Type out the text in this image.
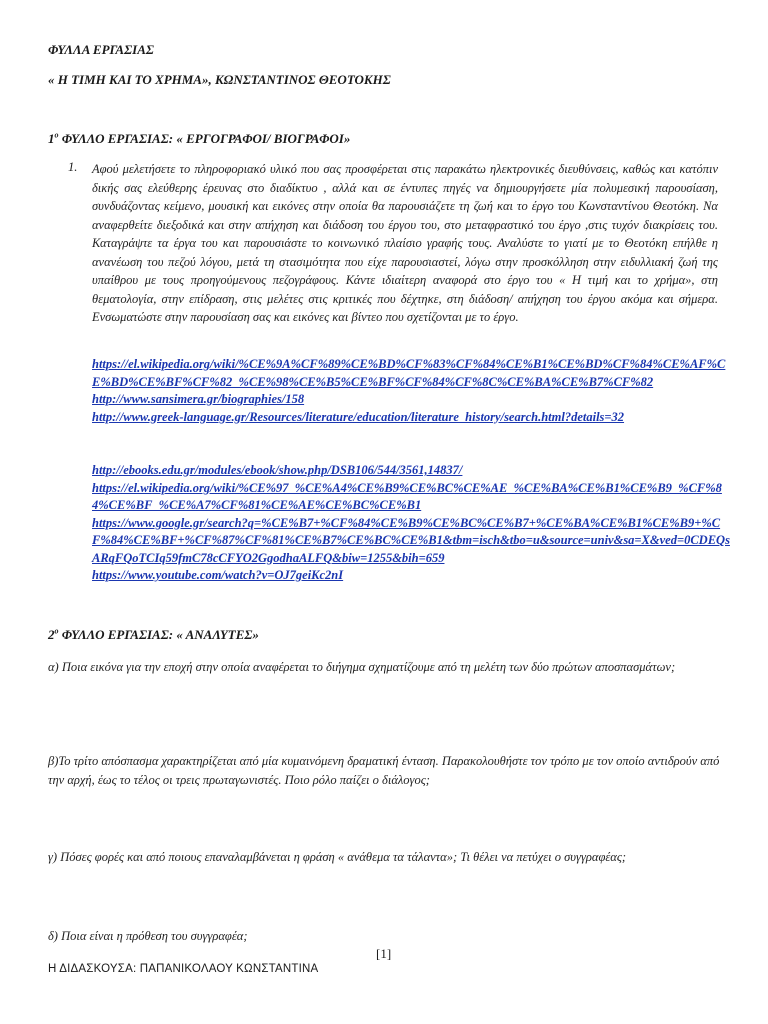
ΦΥΛΛΑ ΕΡΓΑΣΙΑΣ
« Η ΤΙΜΗ ΚΑΙ ΤΟ ΧΡΗΜΑ», ΚΩΝΣΤΑΝΤΙΝΟΣ ΘΕΟΤΟΚΗΣ
$1^o$ ΦΥΛΛΟ ΕΡΓΑΣΙΑΣ: « ΕΡΓΟΓΡΑΦΟΙ/ ΒΙΟΓΡΑΦΟΙ»
1. Αφού μελετήσετε το πληροφοριακό υλικό που σας προσφέρεται στις παρακάτω ηλεκτρονικές διευθύνσεις, καθώς και κατόπιν δικής σας ελεύθερης έρευνας στο διαδίκτυο , αλλά και σε έντυπες πηγές να δημιουργήσετε μία πολυμεσική παρουσίαση, συνδυάζοντας κείμενο, μουσική και εικόνες στην οποία θα παρουσιάζετε τη ζωή και το έργο του Κωνσταντίνου Θεοτόκη. Να αναφερθείτε διεξοδικά και στην απήχηση και διάδοση του έργου του, στο μεταφραστικό του έργο ,στις τυχόν διακρίσεις του. Καταγράψτε τα έργα του και παρουσιάστε το κοινωνικό πλαίσιο γραφής τους. Αναλύστε το γιατί με το Θεοτόκη επήλθε η ανανέωση του πεζού λόγου, μετά τη στασιμότητα που είχε παρουσιαστεί, λόγω στην προσκόλληση στην ειδυλλιακή ζωή της υπαίθρου με τους προηγούμενους πεζογράφους. Κάντε ιδιαίτερη αναφορά στο έργο του « Η τιμή και το χρήμα», στη θεματολογία, στην επίδραση, στις μελέτες στις κριτικές που δέχτηκε, στη διάδοση/ απήχηση του έργου ακόμα και σήμερα. Ενσωματώστε στην παρουσίαση σας και εικόνες και βίντεο που σχετίζονται με το έργο.
https://el.wikipedia.org/wiki/%CE%9A%CF%89%CE%BD%CF%83%CF%84%CE%B1%CE%BD%CF%84%CE%AF%CE%BD%CE%BF%CF%82_%CE%98%CE%B5%CE%BF%CF%84%CF%8C%CE%BA%CE%B7%CF%82
http://www.sansimera.gr/biographies/158
http://www.greek-language.gr/Resources/literature/education/literature_history/search.html?details=32
http://ebooks.edu.gr/modules/ebook/show.php/DSB106/544/3561,14837/
https://el.wikipedia.org/wiki/%CE%97_%CE%A4%CE%B9%CE%BC%CE%AE_%CE%BA%CE%B1%CE%B9_%CF%84%CE%BF_%CE%A7%CF%81%CE%AE%CE%BC%CE%B1
https://www.google.gr/search?q=%CE%B7+%CF%84%CE%B9%CE%BC%CE%B7+%CE%BA%CE%B1%CE%B9+%CF%84%CE%BF+%CF%87%CF%81%CE%B7%CE%BC%CE%B1&tbm=isch&tbo=u&source=univ&sa=X&ved=0CDEQsARqFQoTCIq59fmC78cCFYO2GgodhaALFQ&biw=1255&bih=659
https://www.youtube.com/watch?v=OJ7geiKc2nI
$2^o$ ΦΥΛΛΟ ΕΡΓΑΣΙΑΣ: « ΑΝΑΛΥΤΕΣ»
α) Ποια εικόνα για την εποχή στην οποία αναφέρεται το διήγημα σχηματίζουμε από τη μελέτη των δύο πρώτων αποσπασμάτων;
β)Το τρίτο απόσπασμα χαρακτηρίζεται από μία κυμαινόμενη δραματική ένταση. Παρακολουθήστε τον τρόπο με τον οποίο αντιδρούν από την αρχή, έως το τέλος οι τρεις πρωταγωνιστές. Ποιο ρόλο παίζει ο διάλογος;
γ) Πόσες φορές και από ποιους επαναλαμβάνεται η φράση « ανάθεμα τα τάλαντα»; Τι θέλει να πετύχει ο συγγραφέας;
δ) Ποια είναι η πρόθεση του συγγραφέα;
[1]
Η ΔΙΔΑΣΚΟΥΣΑ: ΠΑΠΑΝΙΚΟΛΑΟΥ ΚΩΝΣΤΑΝΤΙΝΑ
